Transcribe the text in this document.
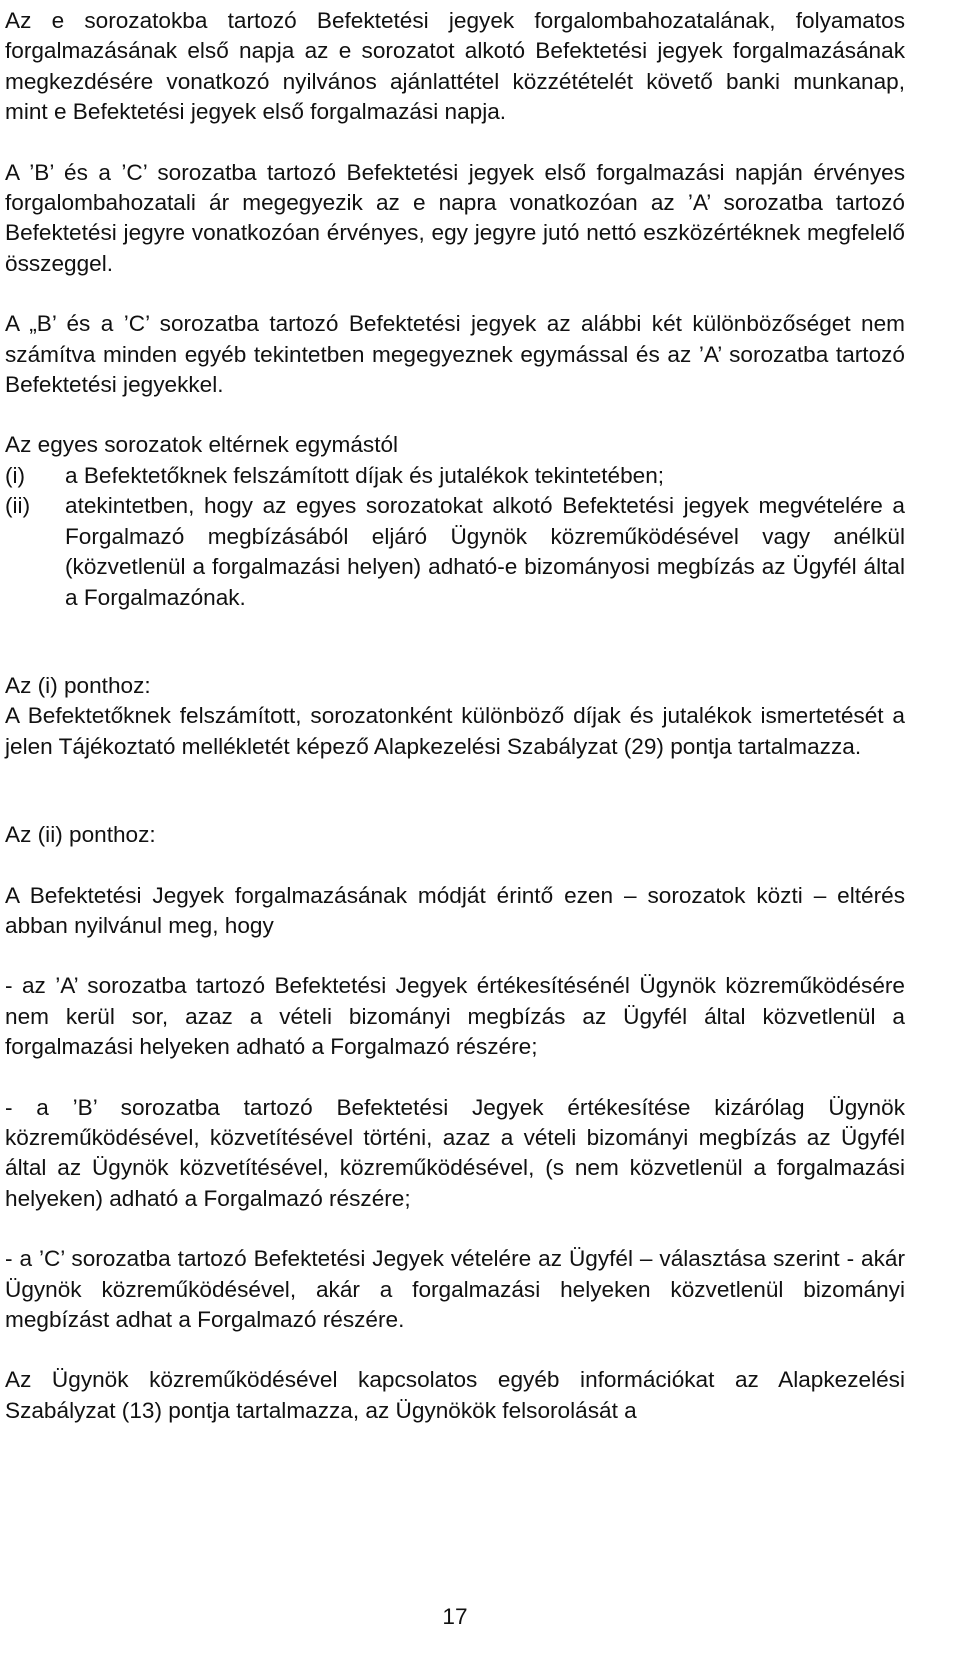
Az e sorozatokba tartozó Befektetési jegyek forgalombahozatalának, folyamatos forgalmazásának első napja az e sorozatot alkotó Befektetési jegyek forgalmazásának megkezdésére vonatkozó nyilvános ajánlattétel közzétételét követő banki munkanap, mint e Befektetési jegyek első forgalmazási napja.

A ’B’ és a ’C’ sorozatba tartozó Befektetési jegyek első forgalmazási napján érvényes forgalombahozatali ár megegyezik az e napra vonatkozóan az ’A’ sorozatba tartozó Befektetési jegyre vonatkozóan érvényes, egy jegyre jutó nettó eszközértéknek megfelelő összeggel.

A „B’ és a ’C’ sorozatba tartozó Befektetési jegyek az alábbi két különbözőséget nem számítva minden egyéb tekintetben megegyeznek egymással és az ’A’ sorozatba tartozó Befektetési jegyekkel.

Az egyes sorozatok eltérnek egymástól

(i)	a Befektetőknek felszámított díjak és jutalékok tekintetében;
(ii)	atekintetben, hogy az egyes sorozatokat alkotó Befektetési jegyek megvételére a Forgalmazó megbízásából eljáró Ügynök közreműködésével vagy anélkül (közvetlenül a forgalmazási helyen) adható-e bizományosi megbízás az Ügyfél által a Forgalmazónak.

Az (i) ponthoz:

A Befektetőknek felszámított, sorozatonként különböző díjak és jutalékok ismertetését a jelen Tájékoztató mellékletét képező Alapkezelési Szabályzat (29) pontja tartalmazza.

Az (ii) ponthoz:

A Befektetési Jegyek forgalmazásának módját érintő ezen – sorozatok közti – eltérés abban nyilvánul meg, hogy

- az ’A’ sorozatba tartozó Befektetési Jegyek értékesítésénél Ügynök közreműködésére nem kerül sor, azaz a vételi bizományi megbízás az Ügyfél által közvetlenül a forgalmazási helyeken adható a Forgalmazó részére;

- a ’B’ sorozatba tartozó Befektetési Jegyek értékesítése kizárólag Ügynök közreműködésével, közvetítésével történi, azaz a vételi bizományi megbízás az Ügyfél által az Ügynök közvetítésével, közreműködésével, (s nem közvetlenül a forgalmazási helyeken) adható a Forgalmazó részére;

- a ’C’ sorozatba tartozó Befektetési Jegyek vételére az Ügyfél – választása szerint - akár Ügynök közreműködésével, akár a forgalmazási helyeken közvetlenül bizományi megbízást adhat a Forgalmazó részére.

Az Ügynök közreműködésével kapcsolatos egyéb információkat az Alapkezelési Szabályzat (13) pontja tartalmazza, az Ügynökök felsorolását a

17
